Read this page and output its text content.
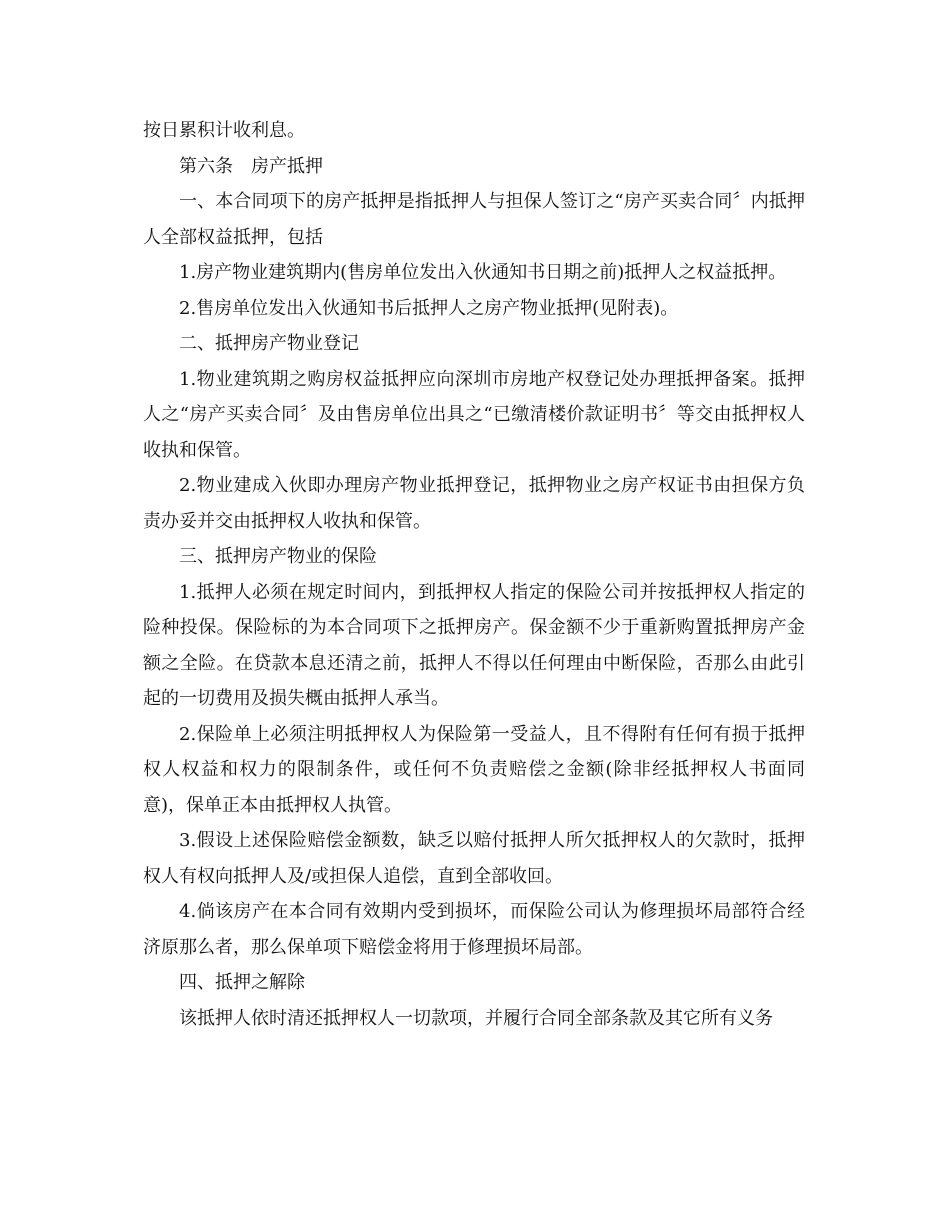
按日累积计收利息。

第六条　房产抵押

一、本合同项下的房产抵押是指抵押人与担保人签订之“房产买卖合同〞内抵押人全部权益抵押，包括

1.房产物业建筑期内(售房单位发出入伙通知书日期之前)抵押人之权益抵押。

2.售房单位发出入伙通知书后抵押人之房产物业抵押(见附表)。

二、抵押房产物业登记

1.物业建筑期之购房权益抵押应向深圳市房地产权登记处办理抵押备案。抵押人之“房产买卖合同〞及由售房单位出具之“已缴清楼价款证明书〞等交由抵押权人收执和保管。

2.物业建成入伙即办理房产物业抵押登记，抵押物业之房产权证书由担保方负责办妥并交由抵押权人收执和保管。

三、抵押房产物业的保险

1.抵押人必须在规定时间内，到抵押权人指定的保险公司并按抵押权人指定的险种投保。保险标的为本合同项下之抵押房产。保金额不少于重新购置抵押房产金额之全险。在贷款本息还清之前，抵押人不得以任何理由中断保险，否那么由此引起的一切费用及损失概由抵押人承当。

2.保险单上必须注明抵押权人为保险第一受益人，且不得附有任何有损于抵押权人权益和权力的限制条件，或任何不负责赔偿之金额(除非经抵押权人书面同意)，保单正本由抵押权人执管。

3.假设上述保险赔偿金额数，缺乏以赔付抵押人所欠抵押权人的欠款时，抵押权人有权向抵押人及/或担保人追偿，直到全部收回。

4.倘该房产在本合同有效期内受到损坏，而保险公司认为修理损坏局部符合经济原那么者，那么保单项下赔偿金将用于修理损坏局部。

四、抵押之解除

该抵押人依时清还抵押权人一切款项，并履行合同全部条款及其它所有义务
